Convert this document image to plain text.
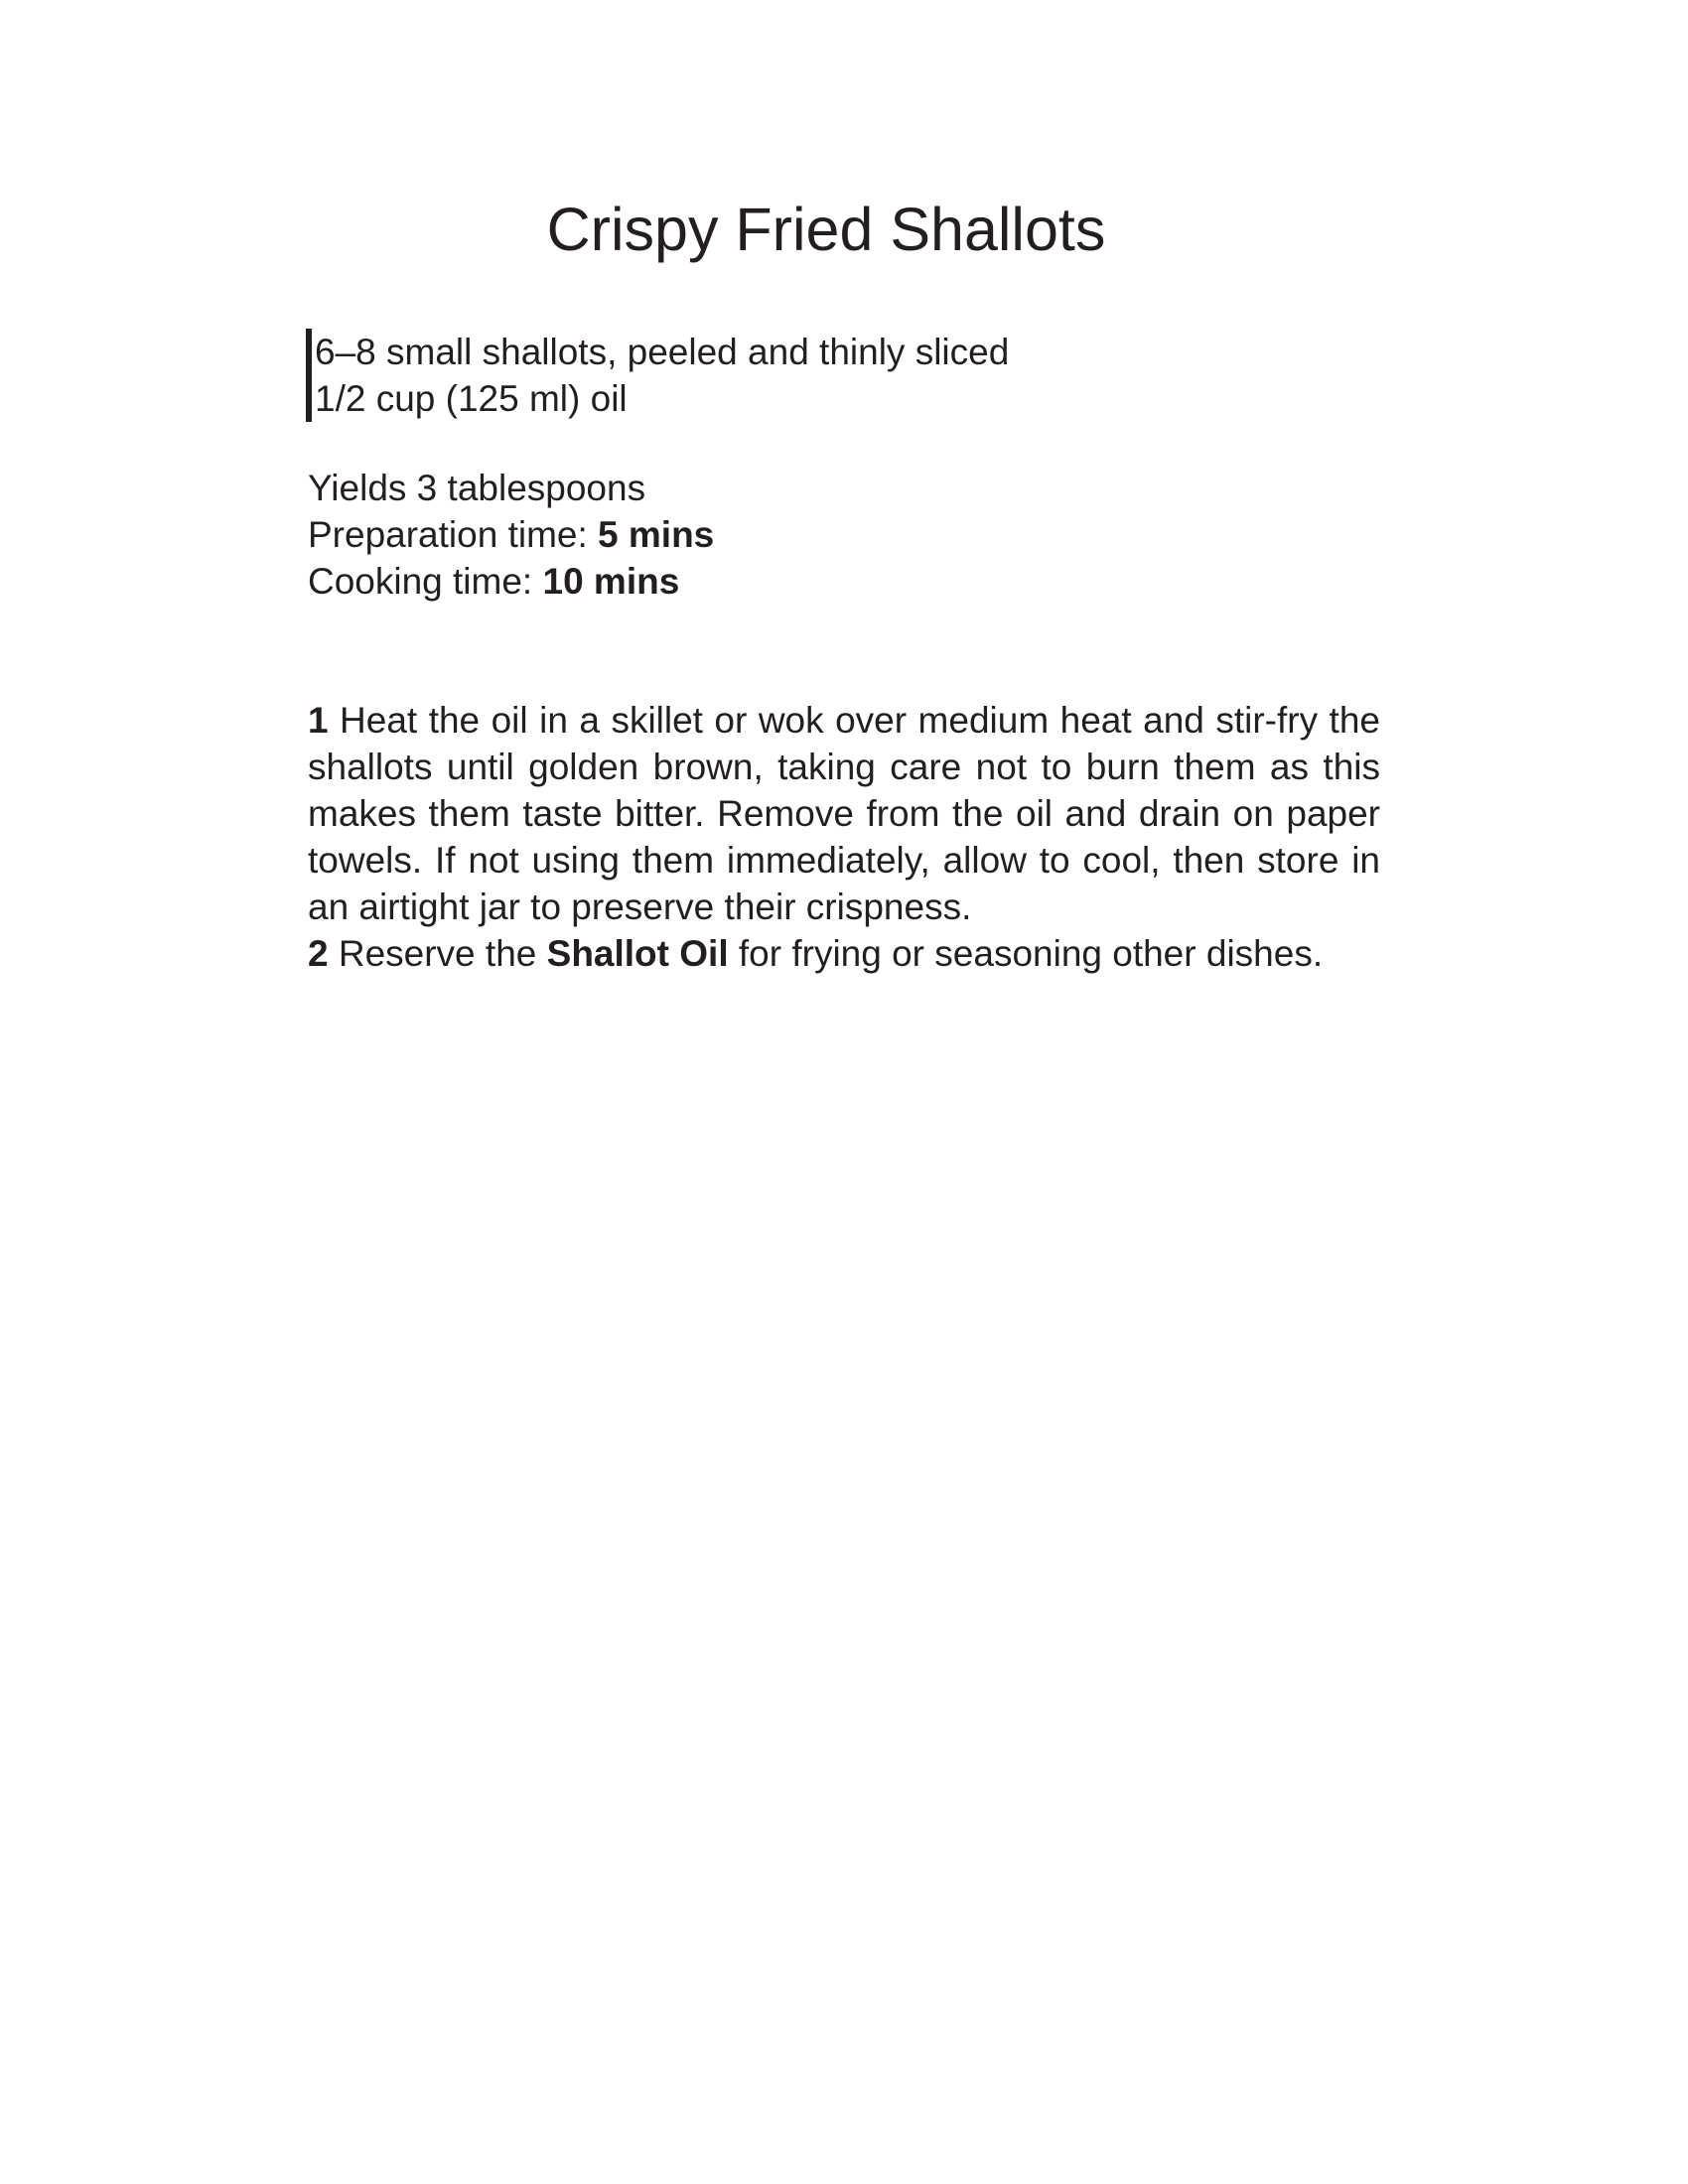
Crispy Fried Shallots
6–8 small shallots, peeled and thinly sliced
1/2 cup (125 ml) oil
Yields 3 tablespoons
Preparation time: 5 mins
Cooking time: 10 mins

1 Heat the oil in a skillet or wok over medium heat and stir-fry the shallots until golden brown, taking care not to burn them as this makes them taste bitter. Remove from the oil and drain on paper towels. If not using them immediately, allow to cool, then store in an airtight jar to preserve their crispness.

2 Reserve the Shallot Oil for frying or seasoning other dishes.
